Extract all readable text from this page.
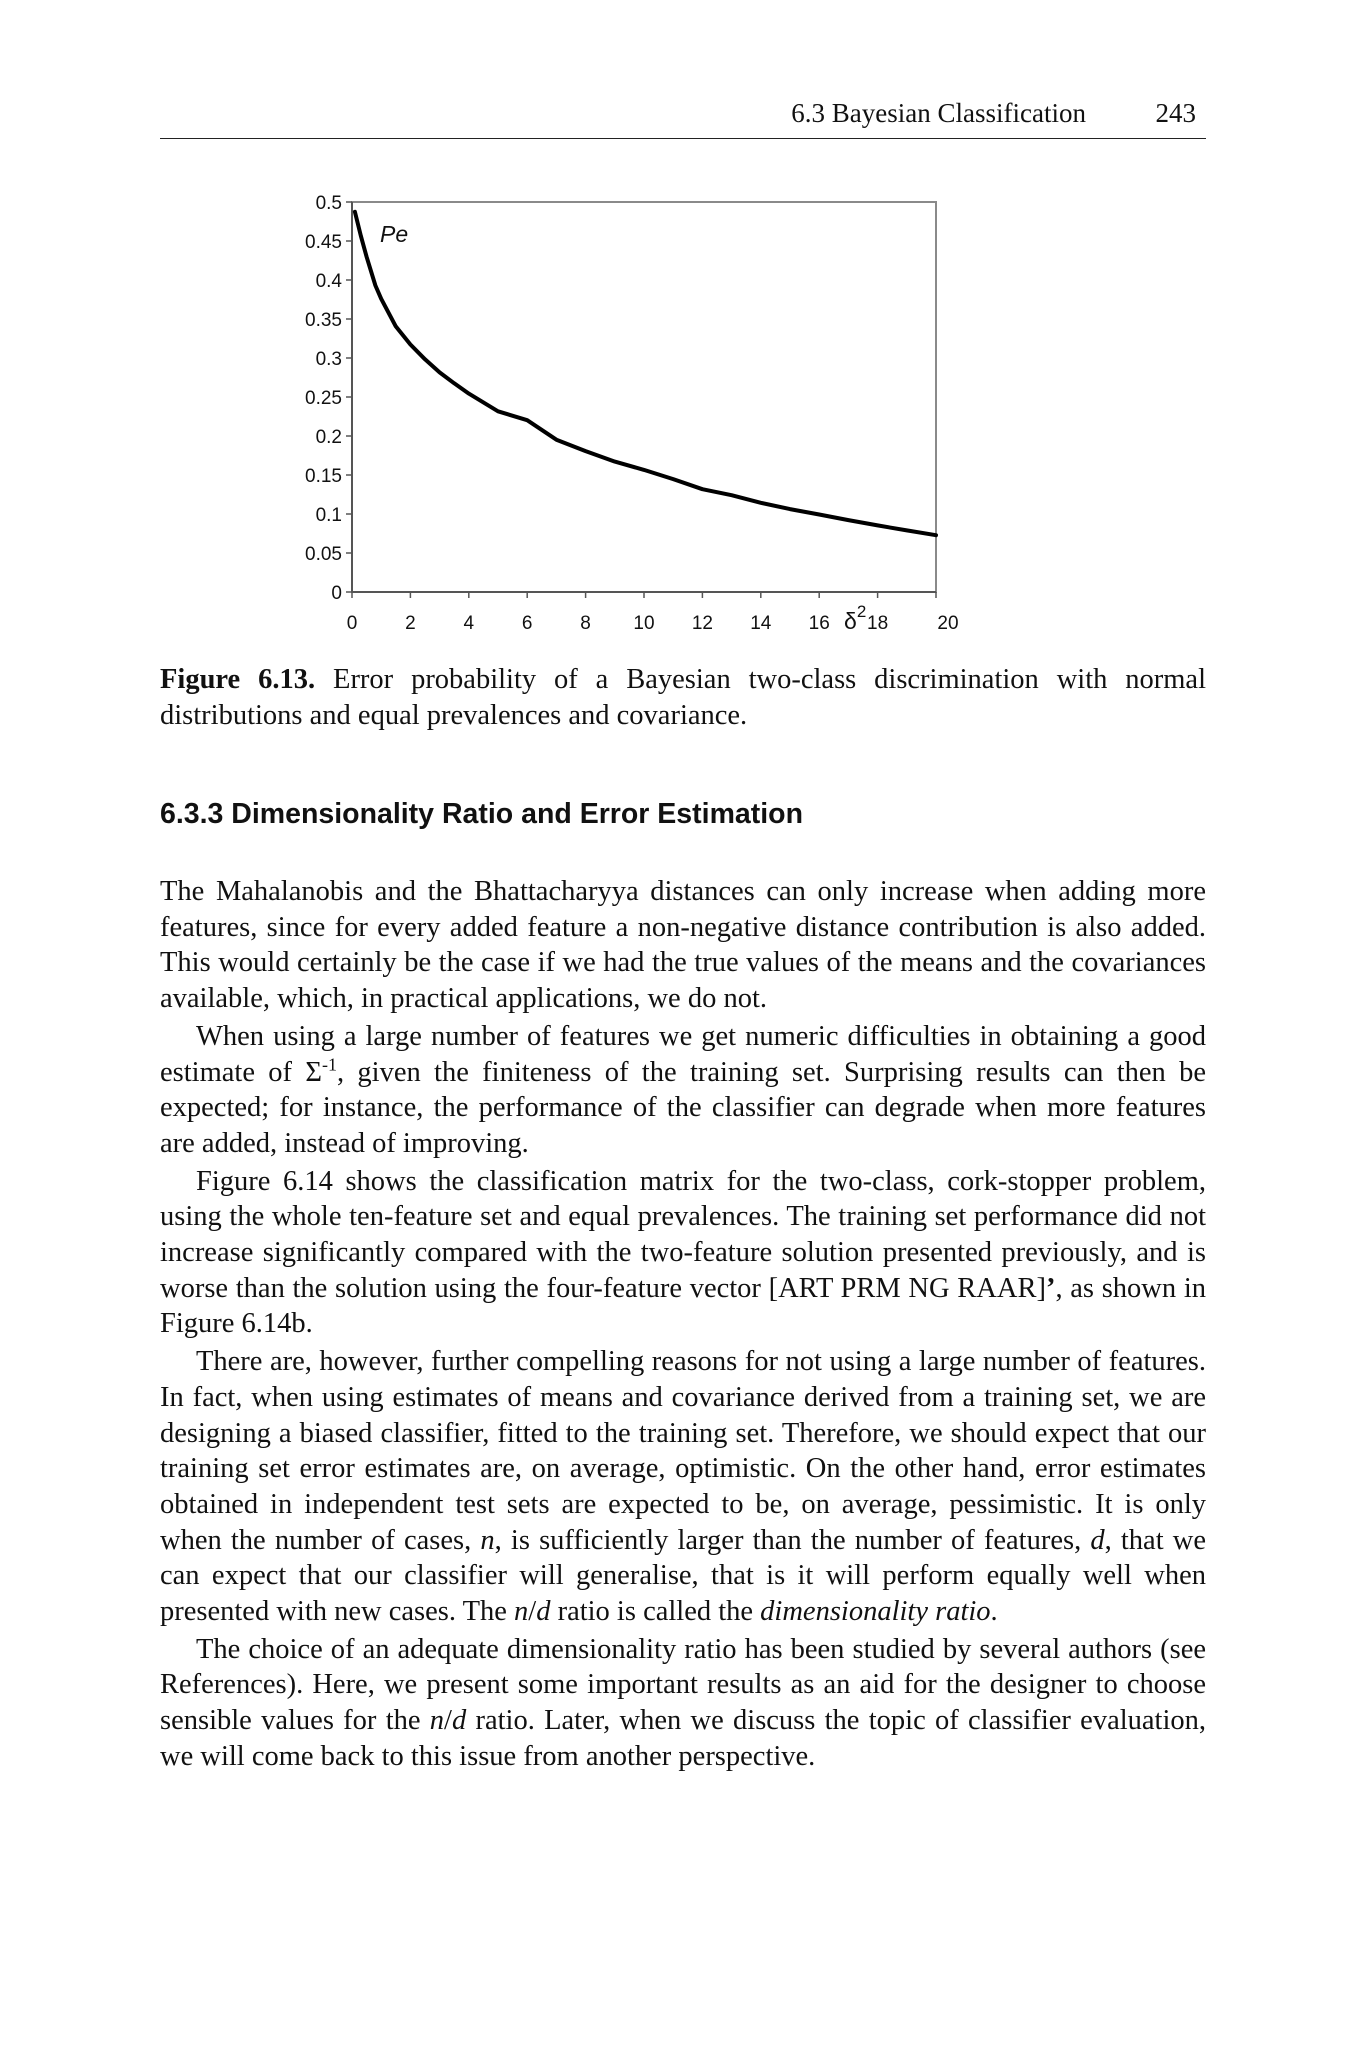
6.3 Bayesian Classification	243
0
0.05
0.1
0.15
0.2
0.25
0.3
0.35
0.4
0.45
0.5
0	2	4	6	8 10 12 14 16 18	20
Pe
$\delta^2$
Figure 6.13. Error probability of a Bayesian two-class discrimination with normal distributions and equal prevalences and covariance.
6.3.3 Dimensionality Ratio and Error Estimation

The Mahalanobis and the Bhattacharyya distances can only increase when adding more features, since for every added feature a non-negative distance contribution is also added. This would certainly be the case if we had the true values of the means and the covariances available, which, in practical applications, we do not.

When using a large number of features we get numeric difficulties in obtaining a good estimate of $\Sigma^{-1}$, given the finiteness of the training set. Surprising results can then be expected; for instance, the performance of the classifier can degrade when more features are added, instead of improving.

Figure 6.14 shows the classification matrix for the two-class, cork-stopper problem, using the whole ten-feature set and equal prevalences. The training set performance did not increase significantly compared with the two-feature solution presented previously, and is worse than the solution using the four-feature vector [ART PRM NG RAAR]’, as shown in Figure 6.14b.

There are, however, further compelling reasons for not using a large number of features. In fact, when using estimates of means and covariance derived from a training set, we are designing a biased classifier, fitted to the training set. Therefore, we should expect that our training set error estimates are, on average, optimistic. On the other hand, error estimates obtained in independent test sets are expected to be, on average, pessimistic. It is only when the number of cases, n, is sufficiently larger than the number of features, d, that we can expect that our classifier will generalise, that is it will perform equally well when presented with new cases. The n/d ratio is called the dimensionality ratio.

The choice of an adequate dimensionality ratio has been studied by several authors (see References). Here, we present some important results as an aid for the designer to choose sensible values for the n/d ratio. Later, when we discuss the topic of classifier evaluation, we will come back to this issue from another perspective.
